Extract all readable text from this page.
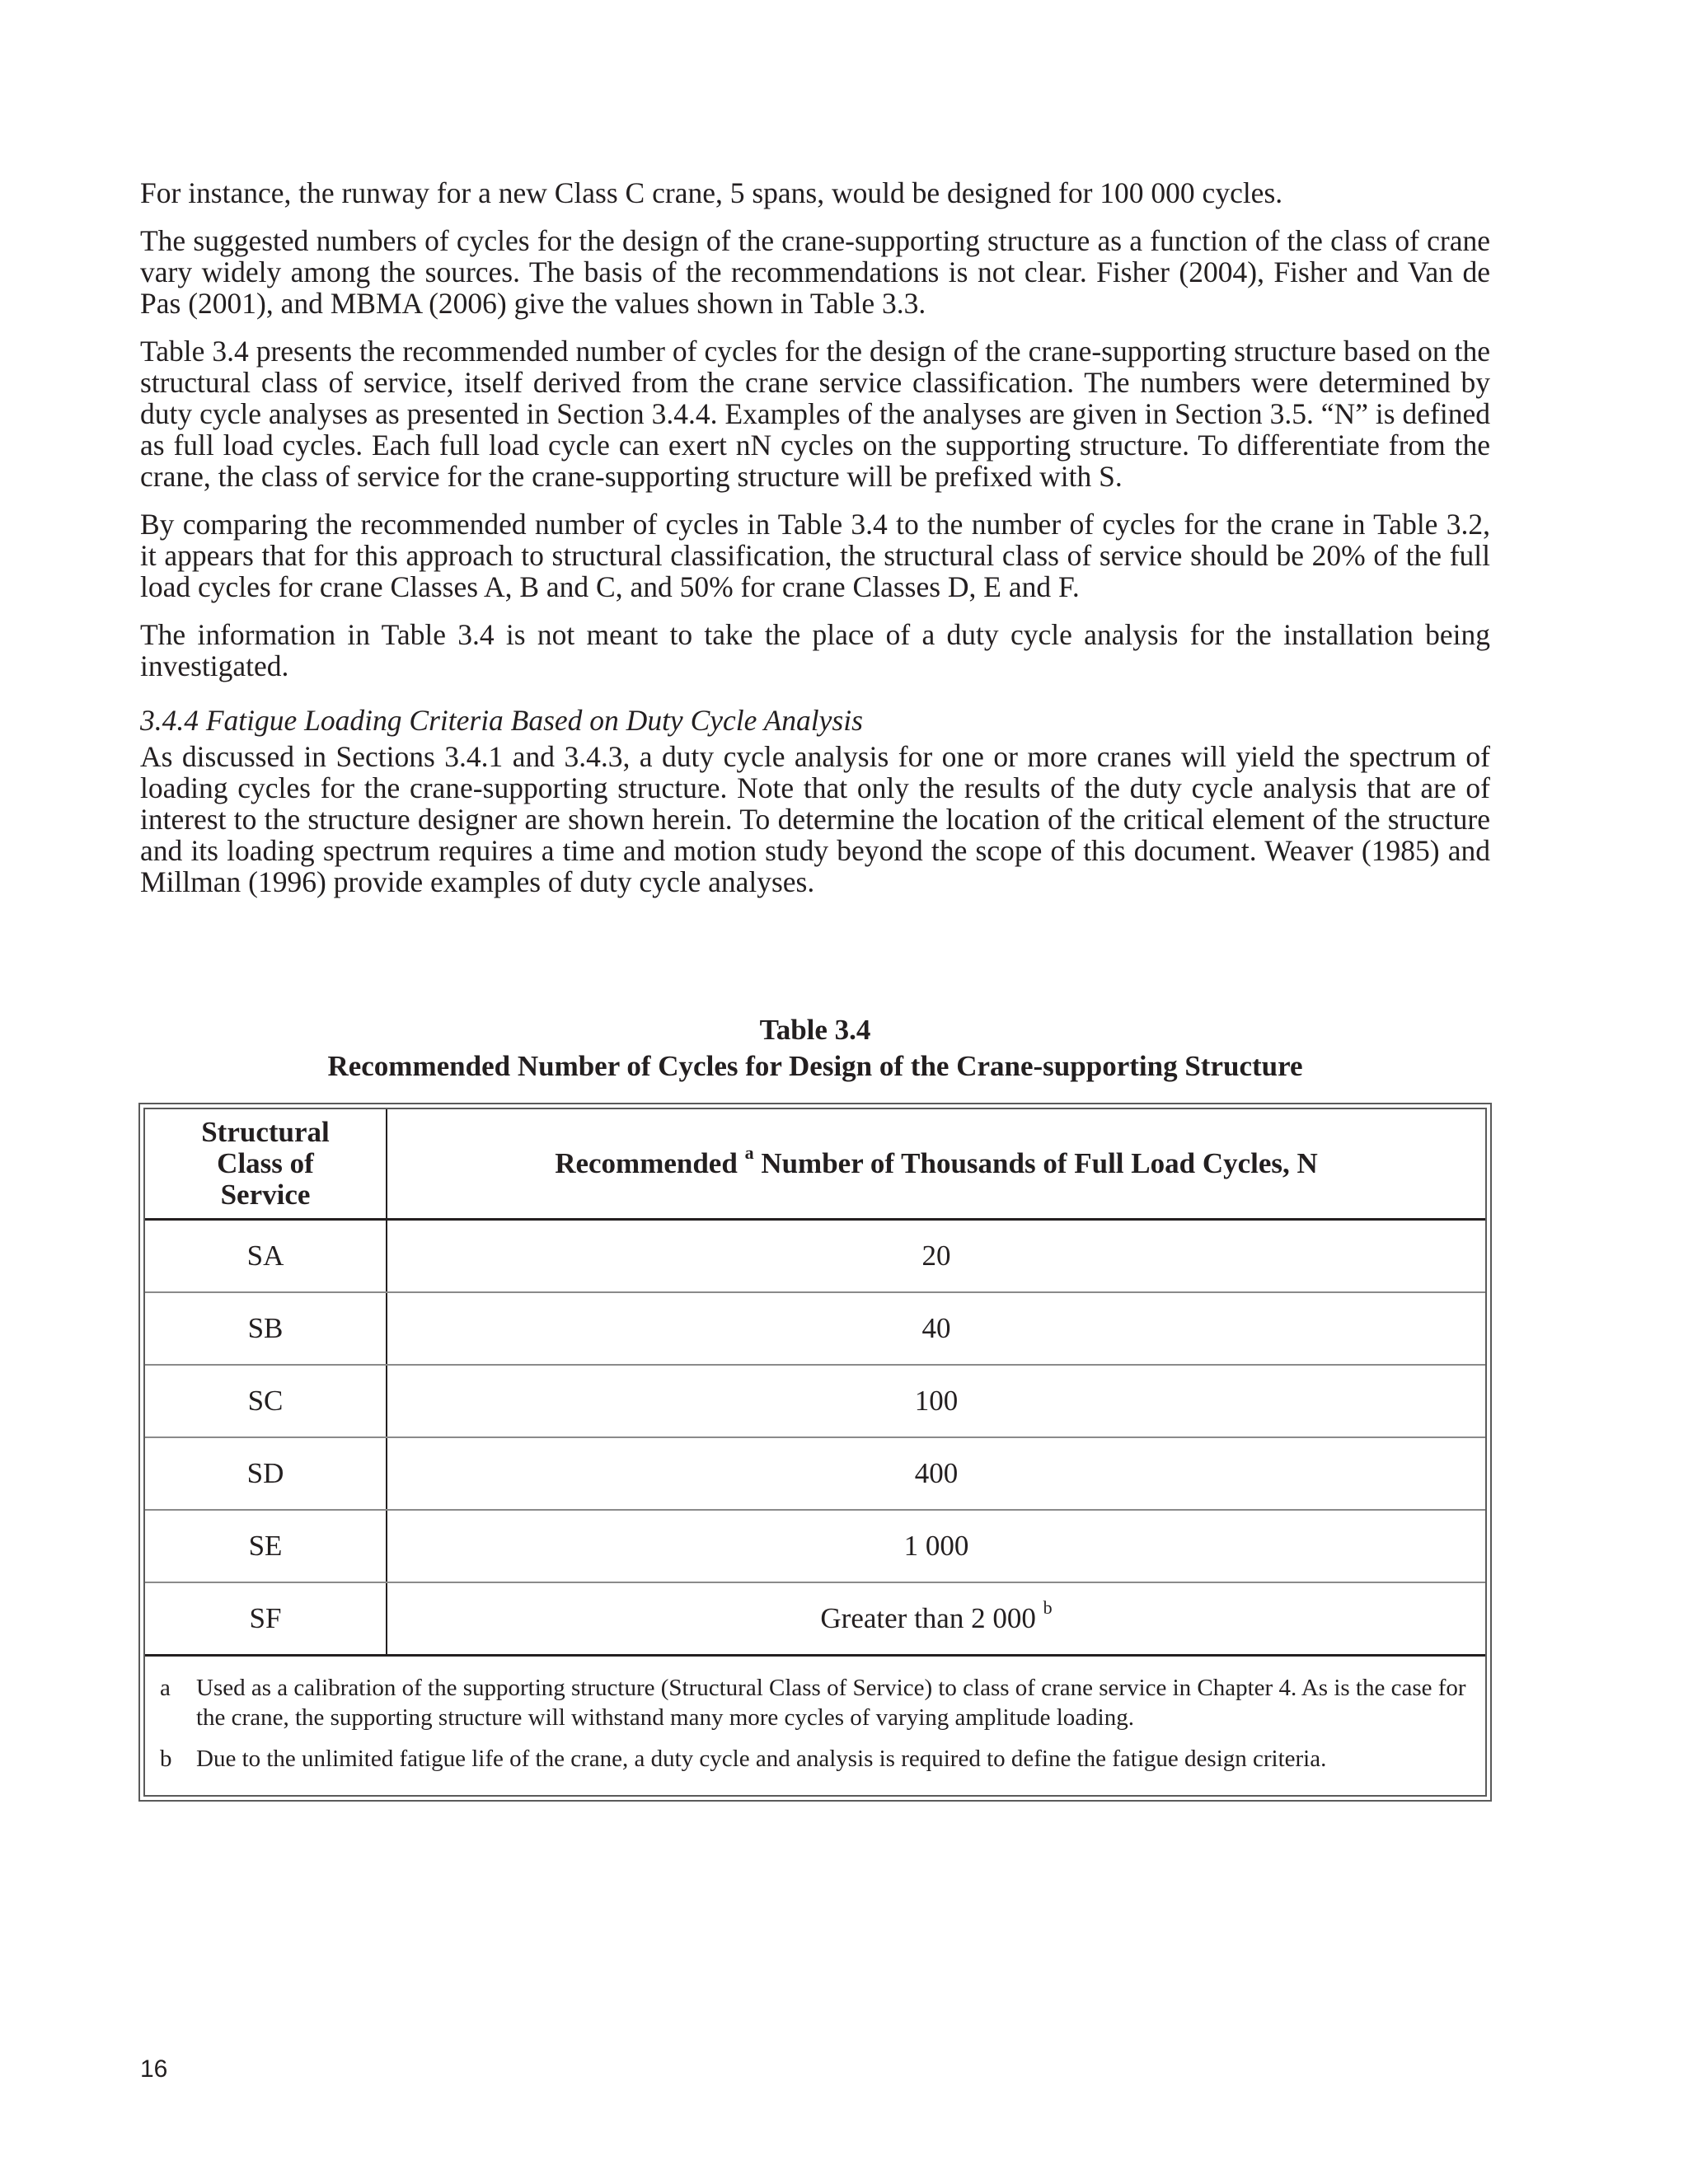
For instance, the runway for a new Class C crane, 5 spans, would be designed for 100 000 cycles.

The suggested numbers of cycles for the design of the crane-supporting structure as a function of the class of crane vary widely among the sources. The basis of the recommendations is not clear. Fisher (2004), Fisher and Van de Pas (2001), and MBMA (2006) give the values shown in Table 3.3.

Table 3.4 presents the recommended number of cycles for the design of the crane-supporting structure based on the structural class of service, itself derived from the crane service classification. The numbers were determined by duty cycle analyses as presented in Section 3.4.4. Examples of the analyses are given in Section 3.5. “N” is defined as full load cycles. Each full load cycle can exert nN cycles on the supporting structure. To differentiate from the crane, the class of service for the crane-supporting structure will be prefixed with S.

By comparing the recommended number of cycles in Table 3.4 to the number of cycles for the crane in Table 3.2, it appears that for this approach to structural classification, the structural class of service should be 20% of the full load cycles for crane Classes A, B and C, and 50% for crane Classes D, E and F.

The information in Table 3.4 is not meant to take the place of a duty cycle analysis for the installation being investigated.

3.4.4 Fatigue Loading Criteria Based on Duty Cycle Analysis

As discussed in Sections 3.4.1 and 3.4.3, a duty cycle analysis for one or more cranes will yield the spectrum of loading cycles for the crane-supporting structure. Note that only the results of the duty cycle analysis that are of interest to the structure designer are shown herein. To determine the location of the critical element of the structure and its loading spectrum requires a time and motion study beyond the scope of this document. Weaver (1985) and Millman (1996) provide examples of duty cycle analyses.

Table 3.4
Recommended Number of Cycles for Design of the Crane-supporting Structure
Structural Class of Service	Recommended $^a$ Number of Thousands of Full Load Cycles, N
SA	20
SB	40
SC	100
SD	400
SE	1 000
SF	Greater than 2 000 $^b$
a	Used as a calibration of the supporting structure (Structural Class of Service) to class of crane service in Chapter 4. As is the case for the crane, the supporting structure will withstand many more cycles of varying amplitude loading.
b	Due to the unlimited fatigue life of the crane, a duty cycle and analysis is required to define the fatigue design criteria.
16
